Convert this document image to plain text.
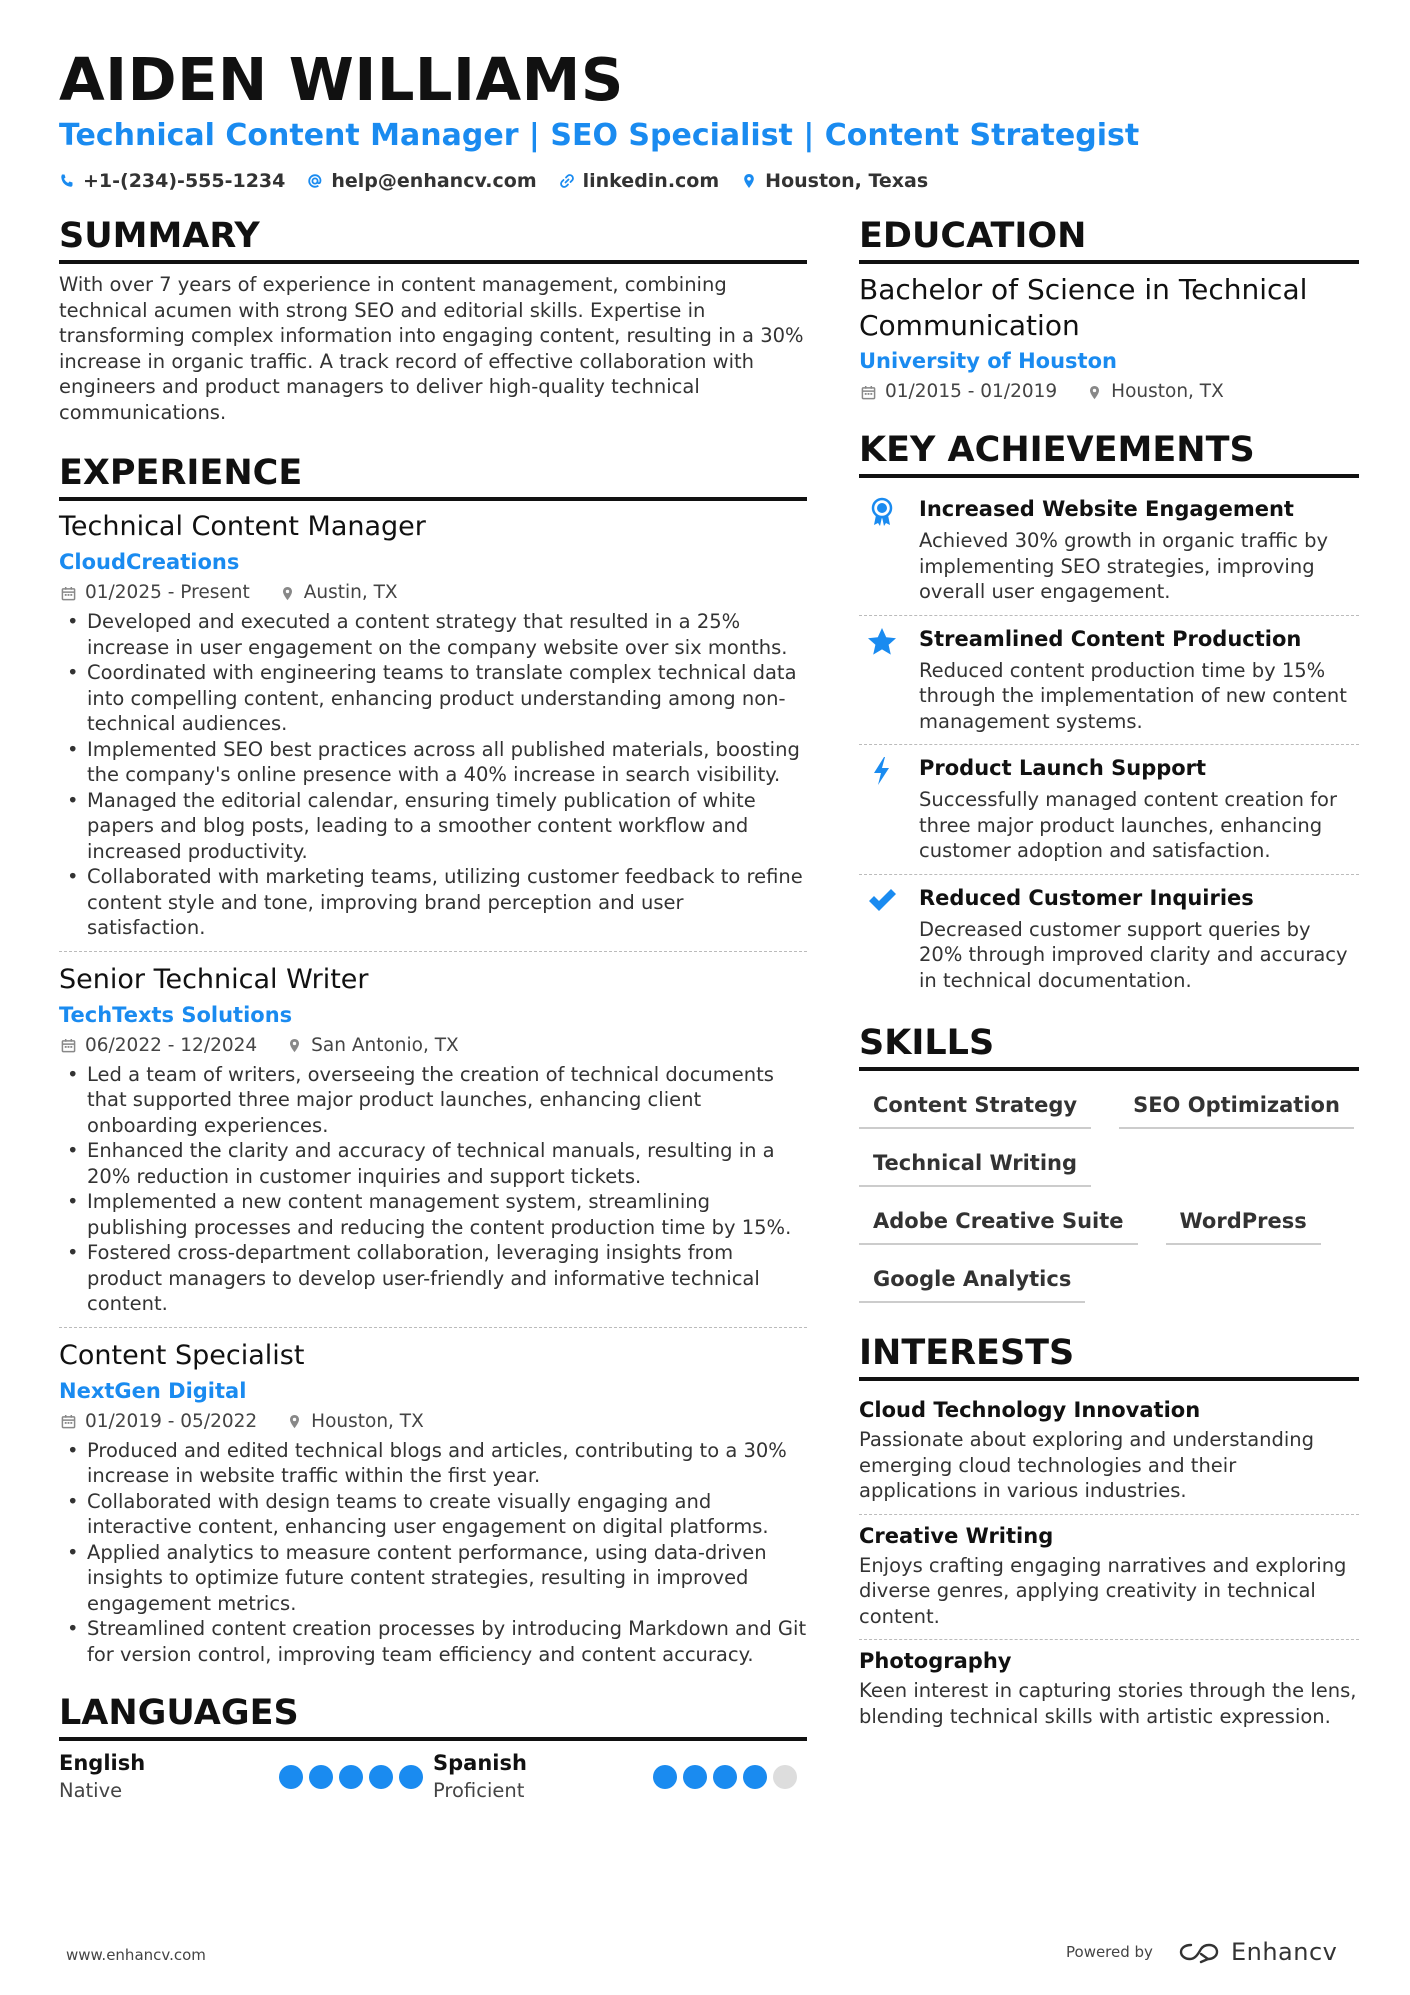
AIDEN WILLIAMS
Technical Content Manager | SEO Specialist | Content Strategist
+1-(234)-555-1234 help@enhancv.com linkedin.com Houston, Texas
SUMMARY
With over 7 years of experience in content management, combining technical acumen with strong SEO and editorial skills. Expertise in transforming complex information into engaging content, resulting in a 30% increase in organic traffic. A track record of effective collaboration with engineers and product managers to deliver high-quality technical communications.
EXPERIENCE
Technical Content Manager
CloudCreations
01/2025 - Present	Austin, TX
• Developed and executed a content strategy that resulted in a 25% increase in user engagement on the company website over six months.
• Coordinated with engineering teams to translate complex technical data into compelling content, enhancing product understanding among non-technical audiences.
• Implemented SEO best practices across all published materials, boosting the company's online presence with a 40% increase in search visibility.
• Managed the editorial calendar, ensuring timely publication of white papers and blog posts, leading to a smoother content workflow and increased productivity.
• Collaborated with marketing teams, utilizing customer feedback to refine content style and tone, improving brand perception and user satisfaction.
Senior Technical Writer
TechTexts Solutions
06/2022 - 12/2024	San Antonio, TX
• Led a team of writers, overseeing the creation of technical documents that supported three major product launches, enhancing client onboarding experiences.
• Enhanced the clarity and accuracy of technical manuals, resulting in a 20% reduction in customer inquiries and support tickets.
• Implemented a new content management system, streamlining publishing processes and reducing the content production time by 15%.
• Fostered cross-department collaboration, leveraging insights from product managers to develop user-friendly and informative technical content.
Content Specialist
NextGen Digital
01/2019 - 05/2022	Houston, TX
• Produced and edited technical blogs and articles, contributing to a 30% increase in website traffic within the first year.
• Collaborated with design teams to create visually engaging and interactive content, enhancing user engagement on digital platforms.
• Applied analytics to measure content performance, using data-driven insights to optimize future content strategies, resulting in improved engagement metrics.
• Streamlined content creation processes by introducing Markdown and Git for version control, improving team efficiency and content accuracy.
LANGUAGES
English
Native
Spanish
Proficient
EDUCATION
Bachelor of Science in Technical Communication
University of Houston
01/2015 - 01/2019	Houston, TX
KEY ACHIEVEMENTS
Increased Website Engagement
Achieved 30% growth in organic traffic by implementing SEO strategies, improving overall user engagement.
Streamlined Content Production
Reduced content production time by 15% through the implementation of new content management systems.
Product Launch Support
Successfully managed content creation for three major product launches, enhancing customer adoption and satisfaction.
Reduced Customer Inquiries
Decreased customer support queries by 20% through improved clarity and accuracy in technical documentation.
SKILLS
Content Strategy	SEO Optimization
Technical Writing
Adobe Creative Suite	WordPress
Google Analytics
INTERESTS
Cloud Technology Innovation
Passionate about exploring and understanding emerging cloud technologies and their applications in various industries.
Creative Writing
Enjoys crafting engaging narratives and exploring diverse genres, applying creativity in technical content.
Photography
Keen interest in capturing stories through the lens, blending technical skills with artistic expression.
www.enhancv.com	Powered by	Enhancv
